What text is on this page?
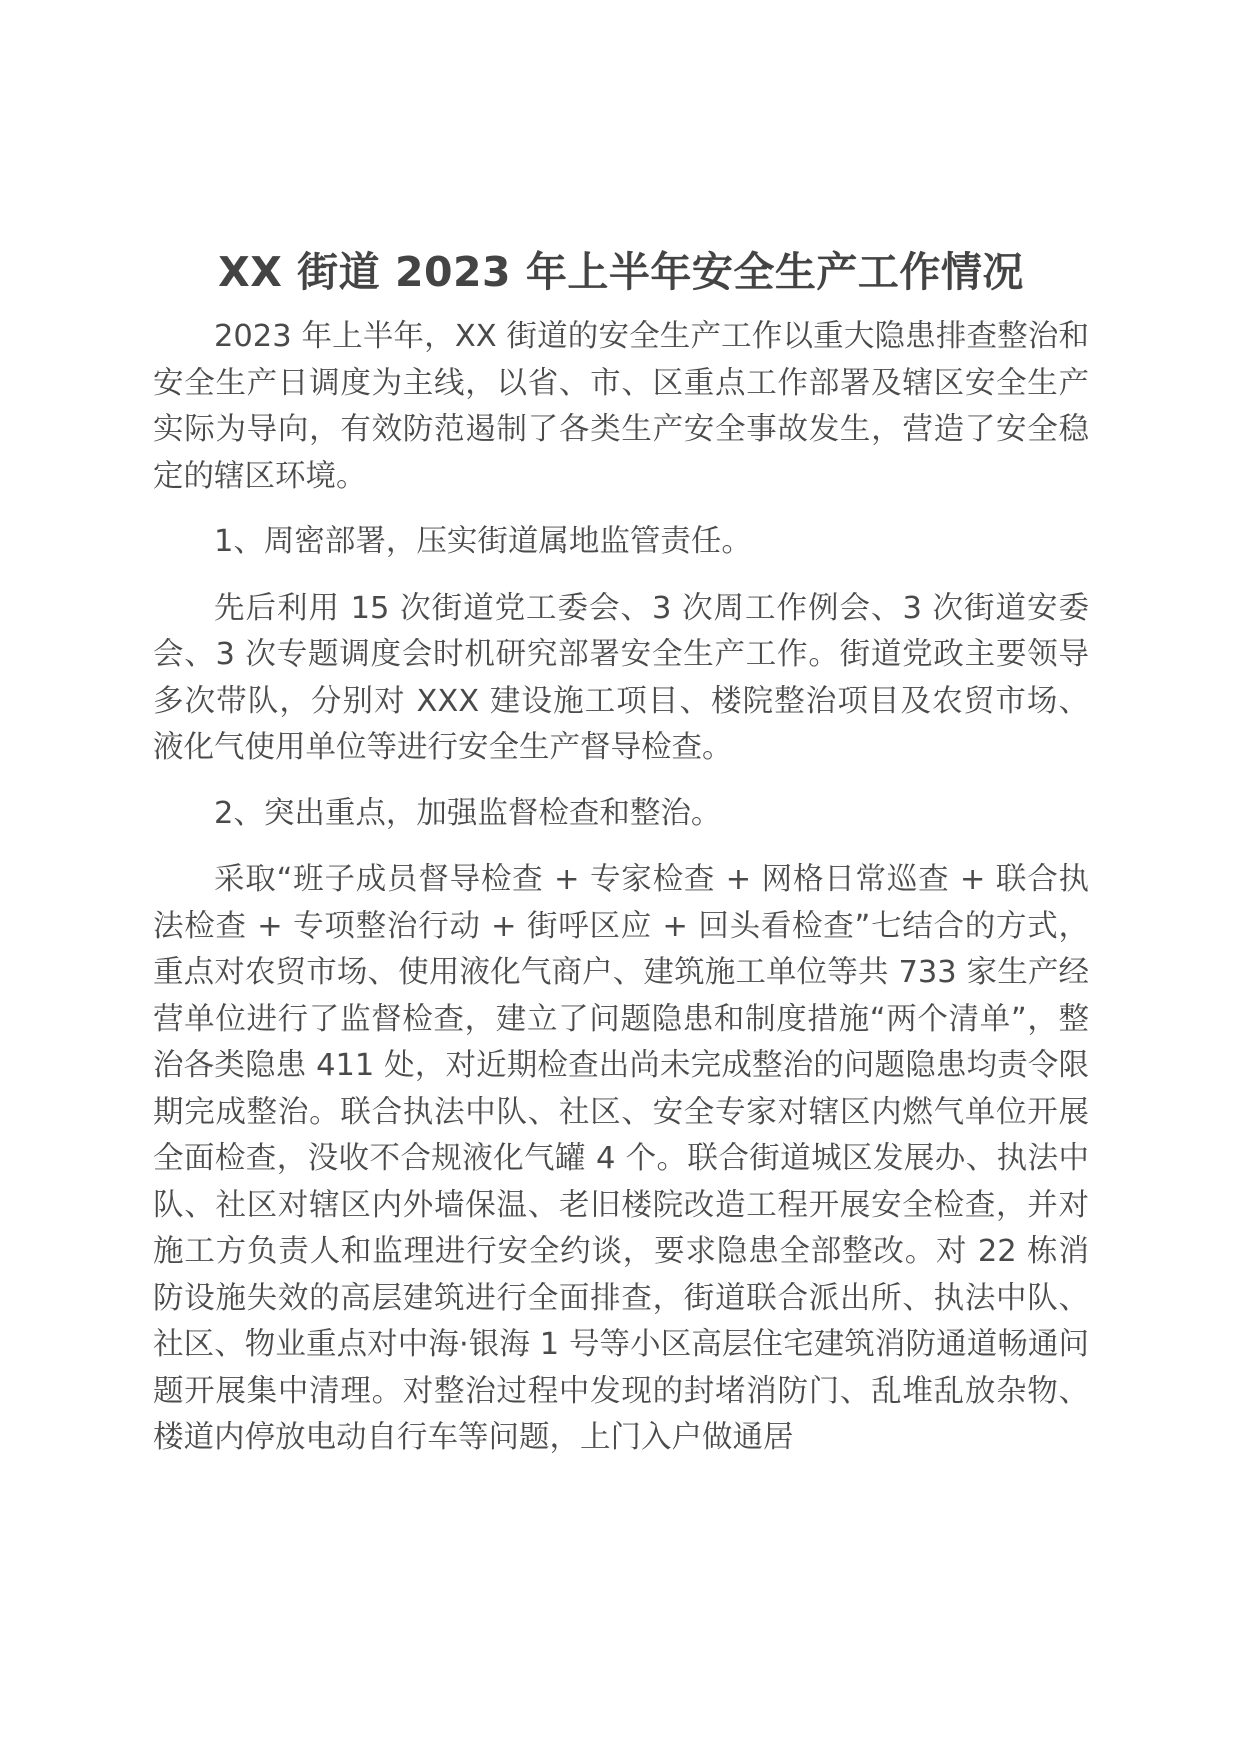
XX 街道 2023 年上半年安全生产工作情况

2023 年上半年，XX 街道的安全生产工作以重大隐患排查整治和安全生产日调度为主线，以省、市、区重点工作部署及辖区安全生产实际为导向，有效防范遏制了各类生产安全事故发生，营造了安全稳定的辖区环境。

1、周密部署，压实街道属地监管责任。

先后利用 15 次街道党工委会、3 次周工作例会、3 次街道安委会、3 次专题调度会时机研究部署安全生产工作。街道党政主要领导多次带队，分别对 XXX 建设施工项目、楼院整治项目及农贸市场、液化气使用单位等进行安全生产督导检查。

2、突出重点，加强监督检查和整治。

采取“班子成员督导检查 + 专家检查 + 网格日常巡查 + 联合执法检查 + 专项整治行动 + 街呼区应 + 回头看检查”七结合的方式，重点对农贸市场、使用液化气商户、建筑施工单位等共 733 家生产经营单位进行了监督检查，建立了问题隐患和制度措施“两个清单”，整治各类隐患 411 处，对近期检查出尚未完成整治的问题隐患均责令限期完成整治。联合执法中队、社区、安全专家对辖区内燃气单位开展全面检查，没收不合规液化气罐 4 个。联合街道城区发展办、执法中队、社区对辖区内外墙保温、老旧楼院改造工程开展安全检查，并对施工方负责人和监理进行安全约谈，要求隐患全部整改。对 22 栋消防设施失效的高层建筑进行全面排查，街道联合派出所、执法中队、社区、物业重点对中海·银海 1 号等小区高层住宅建筑消防通道畅通问题开展集中清理。对整治过程中发现的封堵消防门、乱堆乱放杂物、楼道内停放电动自行车等问题，上门入户做通居
